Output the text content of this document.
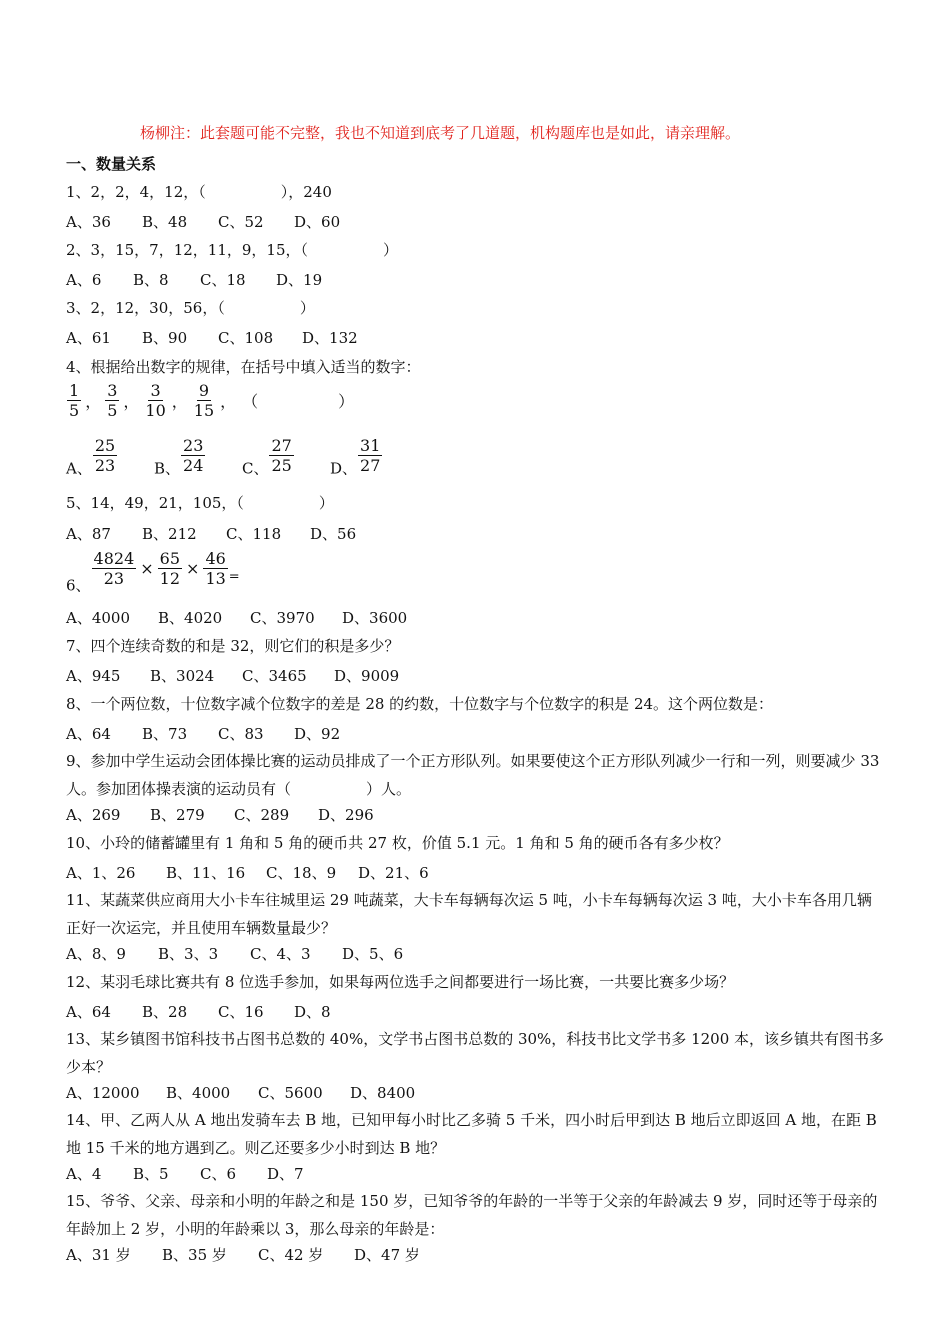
杨柳注：此套题可能不完整，我也不知道到底考了几道题，机构题库也是如此，请亲理解。
一、数量关系
1、2，2，4，12，（　　　　　），240
A、36 B、48 C、52 D、60
2、3，15，7，12，11，9，15，（　　　　　）
A、6 B、8 C、18 D、19
3、2，12，30，56，（　　　　　）
A、61 B、90 C、108 D、132
4、根据给出数字的规律，在括号中填入适当的数字：
$\frac{1}{5}$ ， $\frac{3}{5}$ ， $\frac{3}{10}$ ， $\frac{9}{15}$ ， （　　　　　）
A、 $\frac{25}{23}$ B、 $\frac{23}{24}$ C、 $\frac{27}{25}$ D、 $\frac{31}{27}$
5、14，49，21，105，（　　　　　）
A、87 B、212 C、118 D、56
6、 $\frac{4824}{23} \times \frac{65}{12} \times \frac{46}{13}$ =
A、4000 B、4020 C、3970 D、3600
7、四个连续奇数的和是 32，则它们的积是多少？
A、945 B、3024 C、3465 D、9009
8、一个两位数，十位数字减个位数字的差是 28 的约数，十位数字与个位数字的积是 24。这个两位数是：
A、64 B、73 C、83 D、92
9、参加中学生运动会团体操比赛的运动员排成了一个正方形队列。如果要使这个正方形队列减少一行和一列，则要减少 33 人。参加团体操表演的运动员有（　　　　　）人。
A、269 B、279 C、289 D、296
10、小玲的储蓄罐里有 1 角和 5 角的硬币共 27 枚，价值 5.1 元。1 角和 5 角的硬币各有多少枚？
A、1、26 B、11、16 C、18、9 D、21、6
11、某蔬菜供应商用大小卡车往城里运 29 吨蔬菜，大卡车每辆每次运 5 吨，小卡车每辆每次运 3 吨，大小卡车各用几辆正好一次运完，并且使用车辆数量最少？
A、8、9 B、3、3 C、4、3 D、5、6
12、某羽毛球比赛共有 8 位选手参加，如果每两位选手之间都要进行一场比赛，一共要比赛多少场？
A、64 B、28 C、16 D、8
13、某乡镇图书馆科技书占图书总数的 40%，文学书占图书总数的 30%，科技书比文学书多 1200 本，该乡镇共有图书多少本？
A、12000 B、4000 C、5600 D、8400
14、甲、乙两人从 A 地出发骑车去 B 地，已知甲每小时比乙多骑 5 千米，四小时后甲到达 B 地后立即返回 A 地，在距 B 地 15 千米的地方遇到乙。则乙还要多少小时到达 B 地？
A、4 B、5 C、6 D、7
15、爷爷、父亲、母亲和小明的年龄之和是 150 岁，已知爷爷的年龄的一半等于父亲的年龄减去 9 岁，同时还等于母亲的年龄加上 2 岁，小明的年龄乘以 3，那么母亲的年龄是：
A、31 岁 B、35 岁 C、42 岁 D、47 岁
